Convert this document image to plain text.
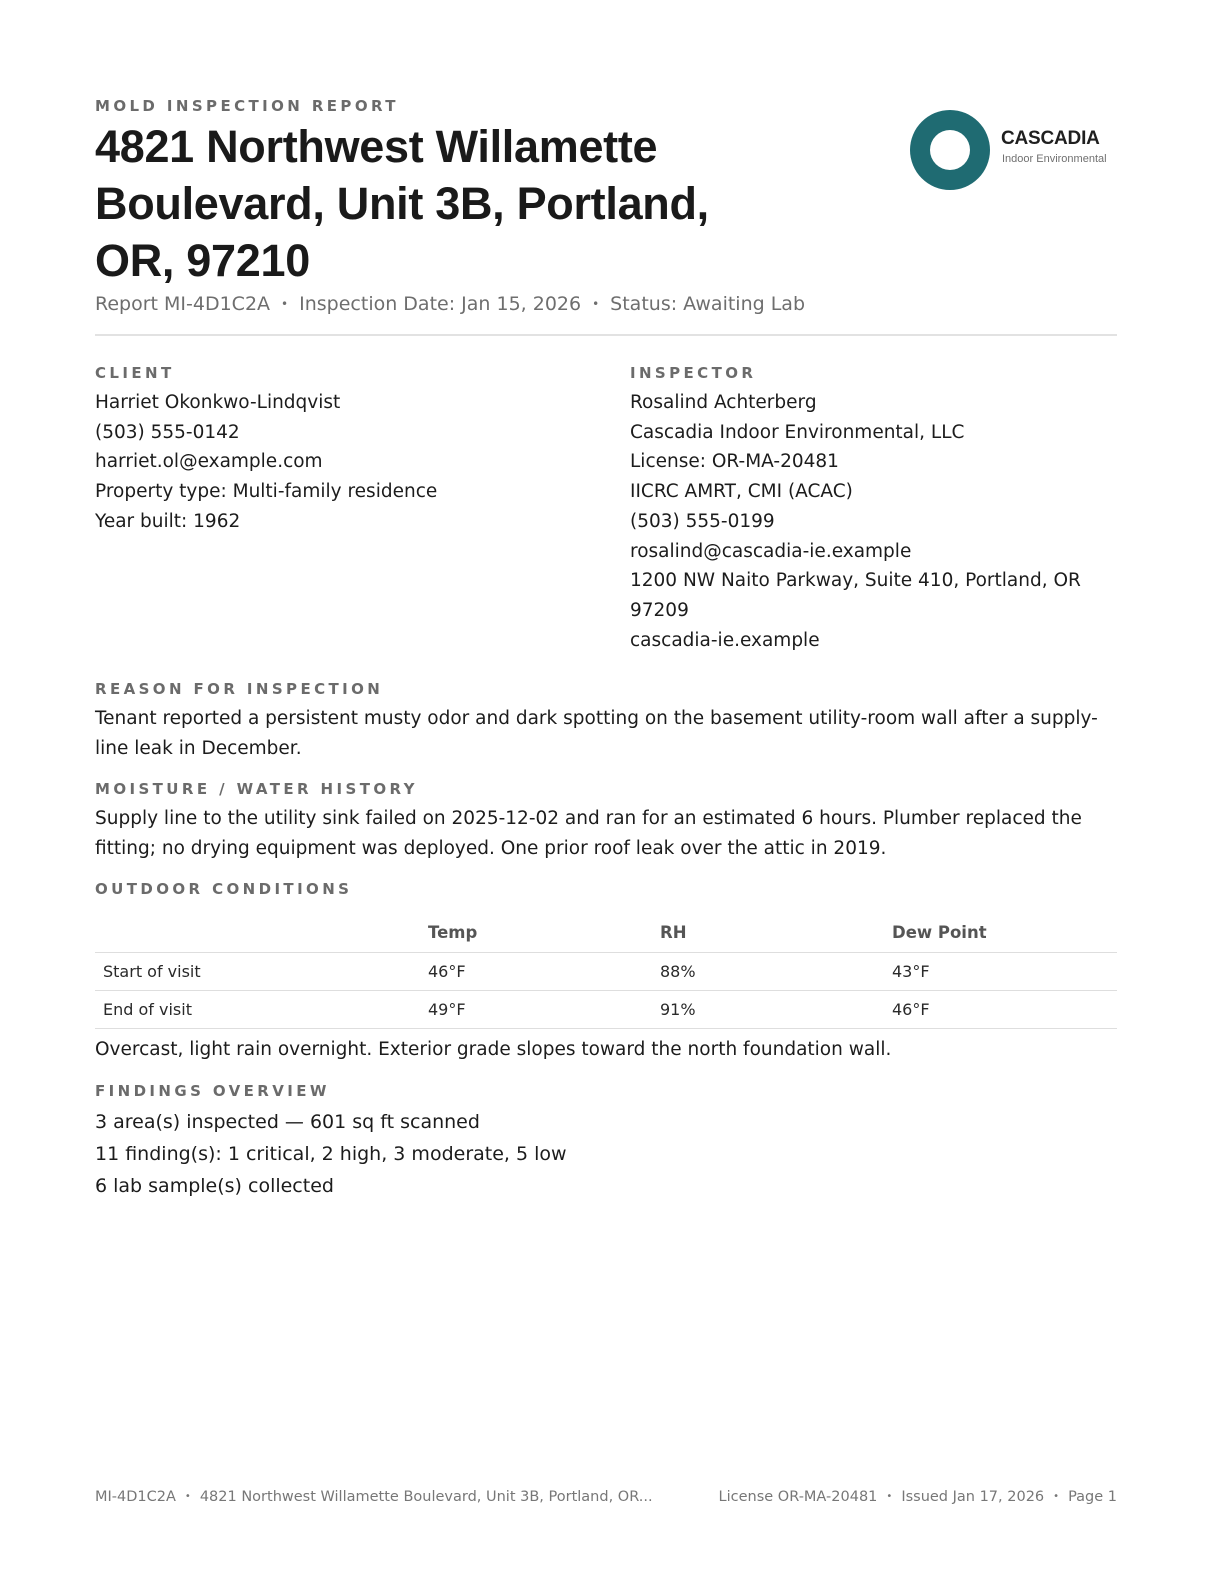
MOLD INSPECTION REPORT
4821 Northwest Willamette Boulevard, Unit 3B, Portland, OR, 97210
CASCADIA
Indoor Environmental
Report MI-4D1C2A • Inspection Date: Jan 15, 2026 • Status: Awaiting Lab
CLIENT
Harriet Okonkwo-Lindqvist
(503) 555-0142
harriet.ol@example.com
Property type: Multi-family residence
Year built: 1962
INSPECTOR
Rosalind Achterberg
Cascadia Indoor Environmental, LLC
License: OR-MA-20481
IICRC AMRT, CMI (ACAC)
(503) 555-0199
rosalind@cascadia-ie.example
1200 NW Naito Parkway, Suite 410, Portland, OR 97209
cascadia-ie.example
REASON FOR INSPECTION
Tenant reported a persistent musty odor and dark spotting on the basement utility-room wall after a supply-line leak in December.
MOISTURE / WATER HISTORY
Supply line to the utility sink failed on 2025-12-02 and ran for an estimated 6 hours. Plumber replaced the fitting; no drying equipment was deployed. One prior roof leak over the attic in 2019.
OUTDOOR CONDITIONS
	Temp	RH	Dew Point
Start of visit	46°F	88%	43°F
End of visit	49°F	91%	46°F
Overcast, light rain overnight. Exterior grade slopes toward the north foundation wall.
FINDINGS OVERVIEW
3 area(s) inspected — 601 sq ft scanned
11 finding(s): 1 critical, 2 high, 3 moderate, 5 low
6 lab sample(s) collected
MI-4D1C2A • 4821 Northwest Willamette Boulevard, Unit 3B, Portland, OR...	License OR-MA-20481 • Issued Jan 17, 2026 • Page 1
